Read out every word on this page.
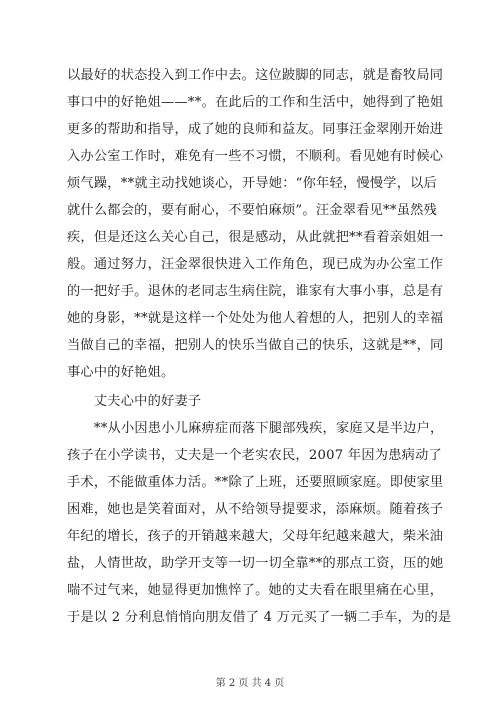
以最好的状态投入到工作中去。这位跛脚的同志，就是畜牧局同
事口中的好艳姐——**。在此后的工作和生活中，她得到了艳姐
更多的帮助和指导，成了她的良师和益友。同事汪金翠刚开始进
入办公室工作时，难免有一些不习惯，不顺利。看见她有时候心
烦气躁，**就主动找她谈心，开导她：“你年轻，慢慢学，以后
就什么都会的，要有耐心，不要怕麻烦”。汪金翠看见**虽然残
疾，但是还这么关心自己，很是感动，从此就把**看着亲姐姐一
般。通过努力，汪金翠很快进入工作角色，现已成为办公室工作
的一把好手。退休的老同志生病住院，谁家有大事小事，总是有
她的身影，**就是这样一个处处为他人着想的人，把别人的幸福
当做自己的幸福，把别人的快乐当做自己的快乐，这就是**，同
事心中的好艳姐。
　　丈夫心中的好妻子
　　**从小因患小儿麻痹症而落下腿部残疾，家庭又是半边户，
孩子在小学读书，丈夫是一个老实农民，2007 年因为患病动了
手术，不能做重体力活。**除了上班，还要照顾家庭。即使家里
困难，她也是笑着面对，从不给领导提要求，添麻烦。随着孩子
年纪的增长，孩子的开销越来越大，父母年纪越来越大，柴米油
盐，人情世故，助学开支等一切一切全靠**的那点工资，压的她
喘不过气来，她显得更加憔悴了。她的丈夫看在眼里痛在心里，
于是以 2 分利息悄悄向朋友借了 4 万元买了一辆二手车，为的是
第 2 页 共 4 页
